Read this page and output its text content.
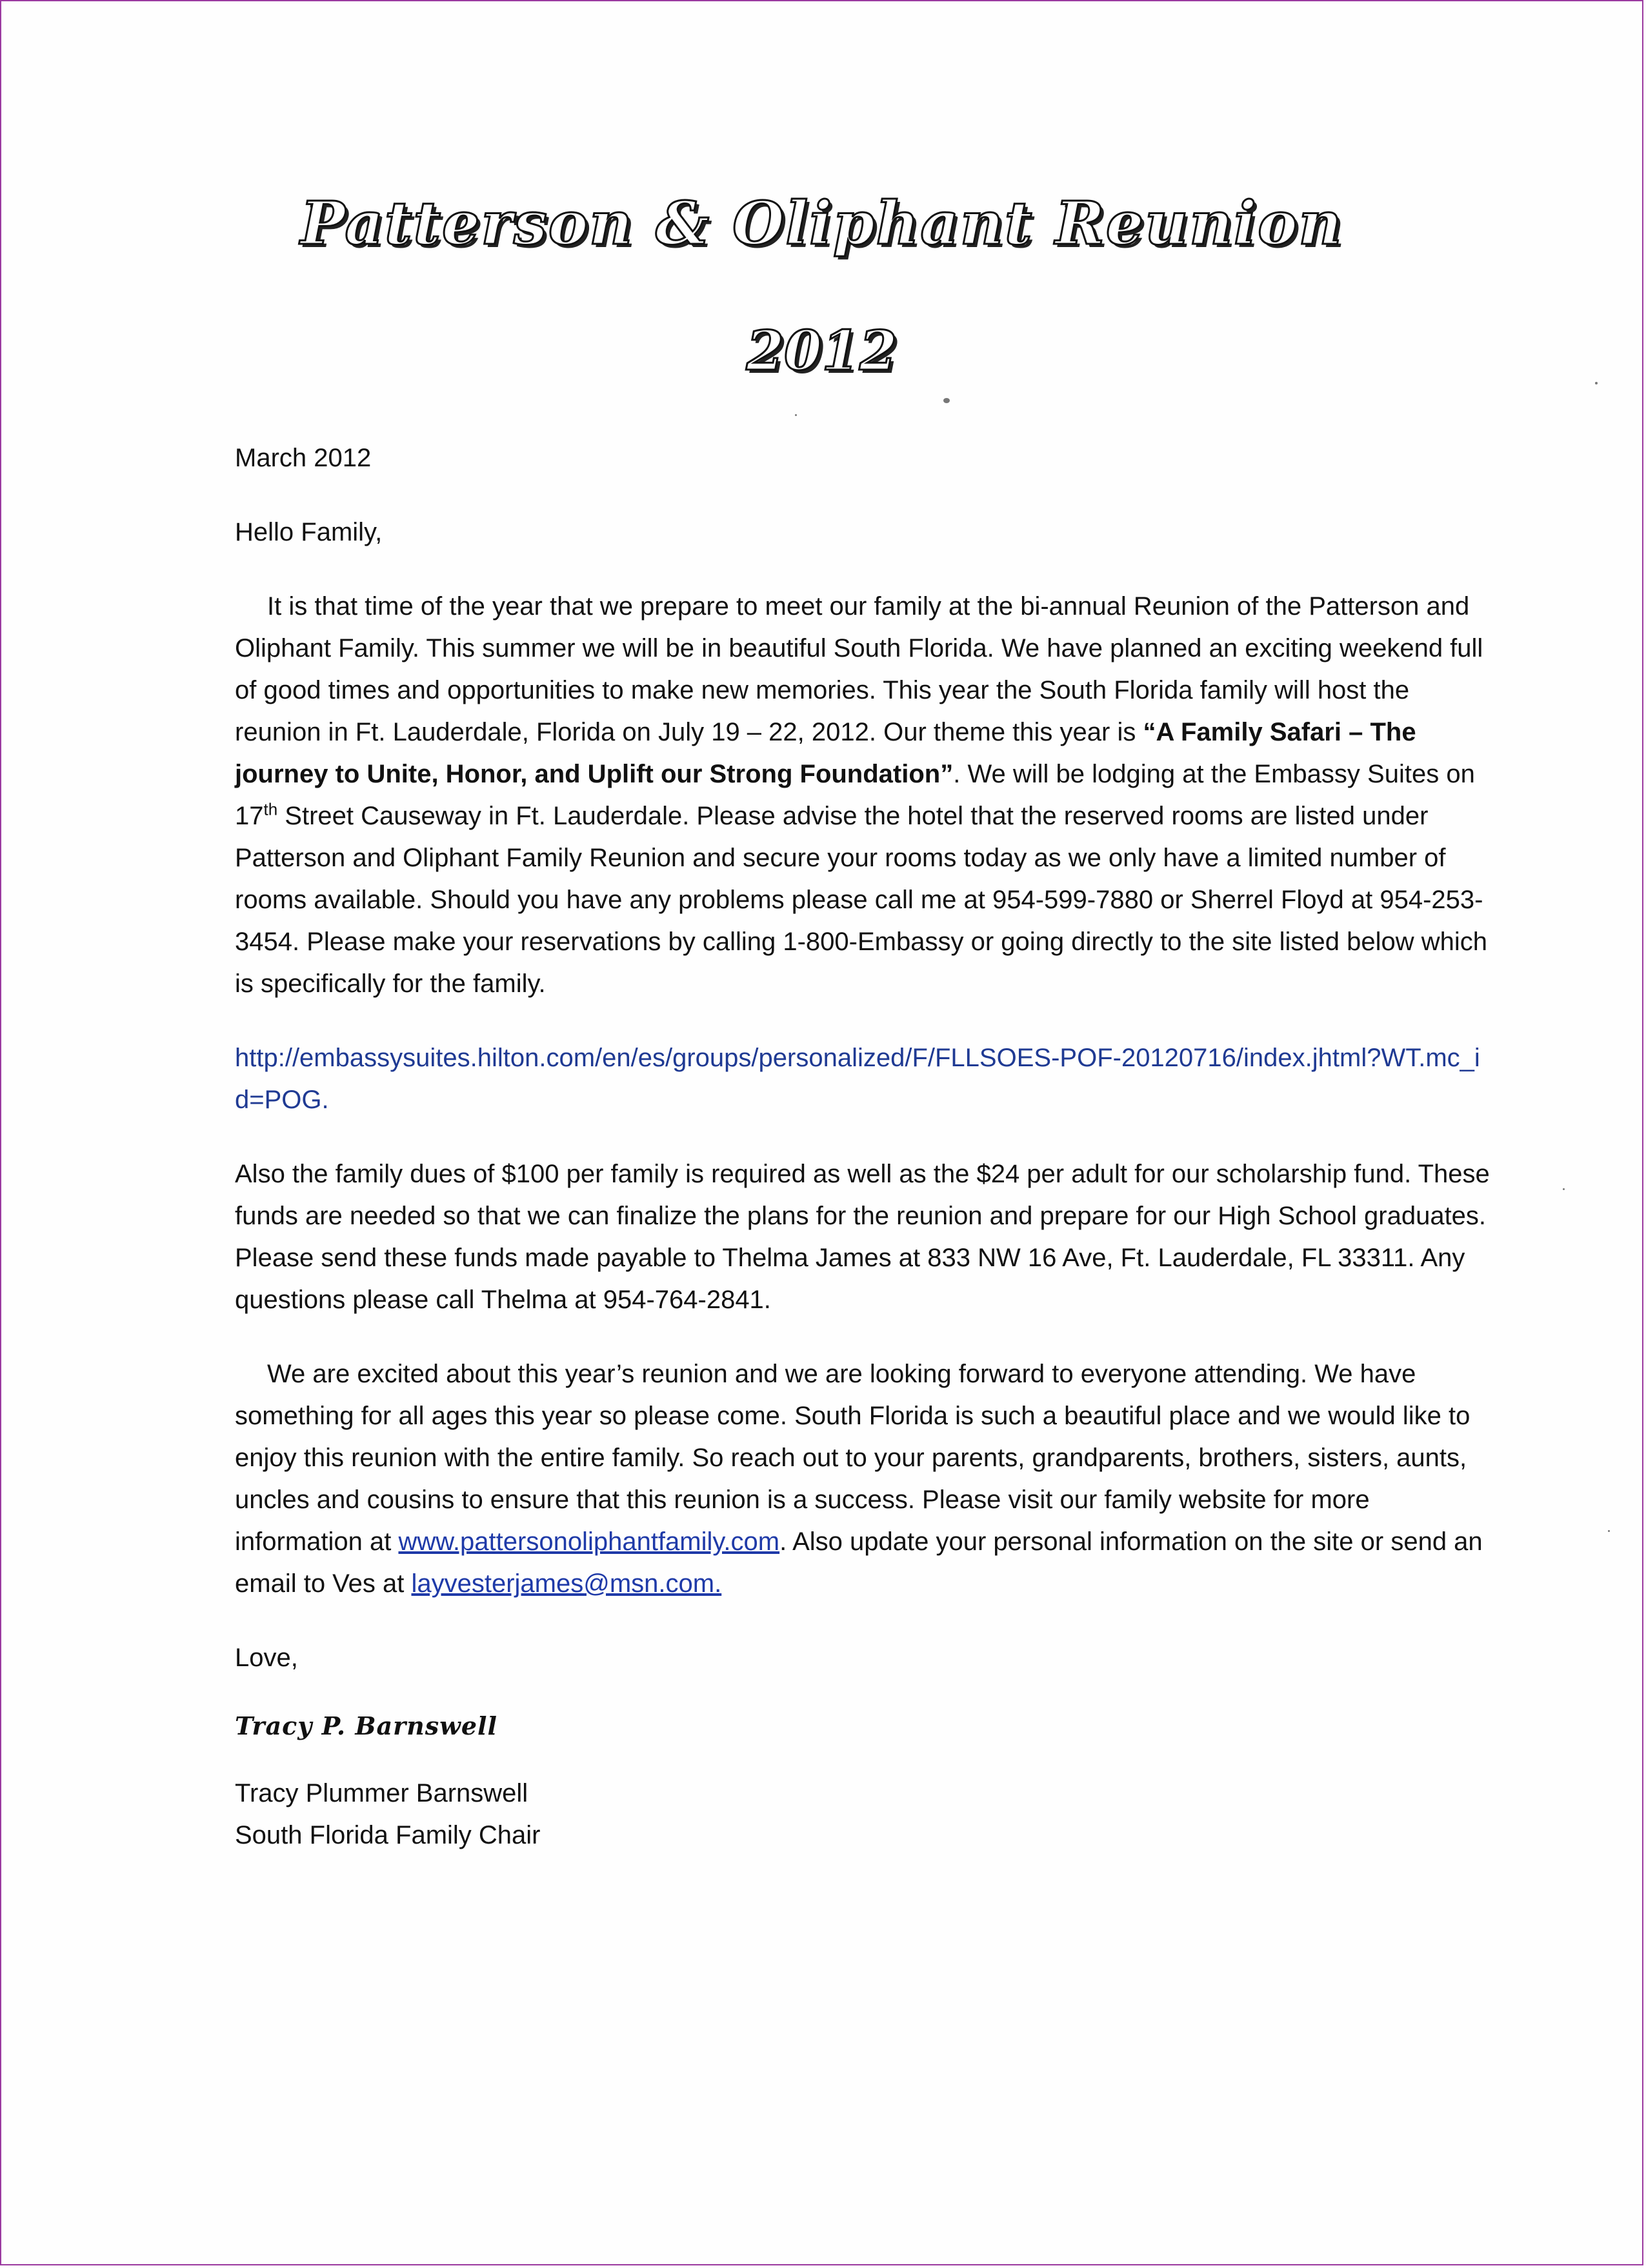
Patterson & Oliphant Reunion
2012

March 2012

Hello Family,

It is that time of the year that we prepare to meet our family at the bi-annual Reunion of the Patterson and Oliphant Family. This summer we will be in beautiful South Florida. We have planned an exciting weekend full of good times and opportunities to make new memories. This year the South Florida family will host the reunion in Ft. Lauderdale, Florida on July 19 – 22, 2012. Our theme this year is “A Family Safari – The journey to Unite, Honor, and Uplift our Strong Foundation”. We will be lodging at the Embassy Suites on 17th Street Causeway in Ft. Lauderdale. Please advise the hotel that the reserved rooms are listed under Patterson and Oliphant Family Reunion and secure your rooms today as we only have a limited number of rooms available. Should you have any problems please call me at 954-599-7880 or Sherrel Floyd at 954-253-3454. Please make your reservations by calling 1-800-Embassy or going directly to the site listed below which is specifically for the family.

http://embassysuites.hilton.com/en/es/groups/personalized/F/FLLSOES-POF-20120716/index.jhtml?WT.mc_id=POG.

Also the family dues of $100 per family is required as well as the $24 per adult for our scholarship fund. These funds are needed so that we can finalize the plans for the reunion and prepare for our High School graduates. Please send these funds made payable to Thelma James at 833 NW 16 Ave, Ft. Lauderdale, FL 33311. Any questions please call Thelma at 954-764-2841.

We are excited about this year’s reunion and we are looking forward to everyone attending. We have something for all ages this year so please come. South Florida is such a beautiful place and we would like to enjoy this reunion with the entire family. So reach out to your parents, grandparents, brothers, sisters, aunts, uncles and cousins to ensure that this reunion is a success. Please visit our family website for more information at www.pattersonoliphantfamily.com. Also update your personal information on the site or send an email to Ves at layvesterjames@msn.com.

Love,

Tracy P. Barnswell

Tracy Plummer Barnswell

South Florida Family Chair
